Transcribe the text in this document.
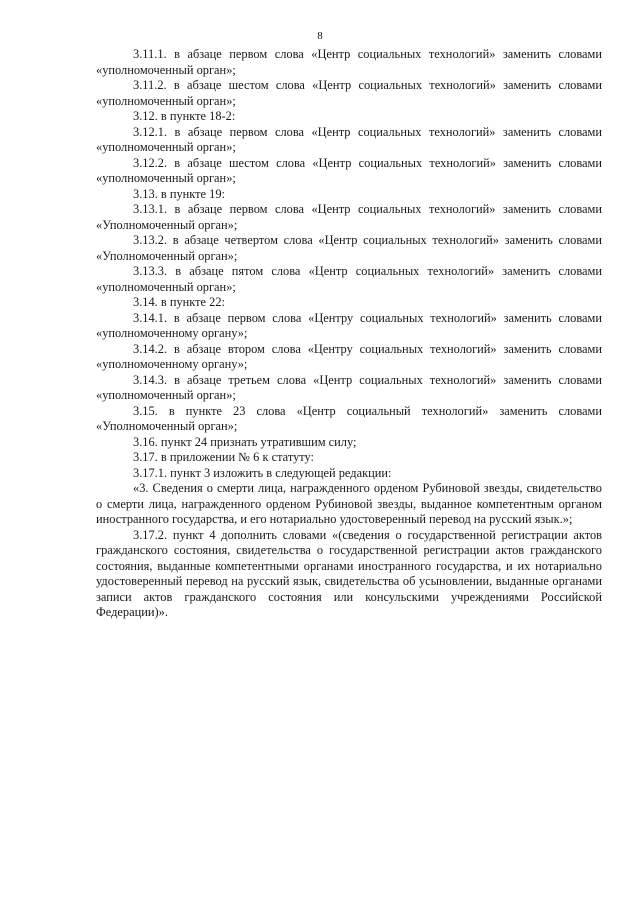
8

3.11.1. в абзаце первом слова «Центр социальных технологий» заменить словами «уполномоченный орган»;

3.11.2. в абзаце шестом слова «Центр социальных технологий» заменить словами «уполномоченный орган»;

3.12. в пункте 18-2:

3.12.1. в абзаце первом слова «Центр социальных технологий» заменить словами «уполномоченный орган»;

3.12.2. в абзаце шестом слова «Центр социальных технологий» заменить словами «уполномоченный орган»;

3.13. в пункте 19:

3.13.1. в абзаце первом слова «Центр социальных технологий» заменить словами «Уполномоченный орган»;

3.13.2. в абзаце четвертом слова «Центр социальных технологий» заменить словами «Уполномоченный орган»;

3.13.3. в абзаце пятом слова «Центр социальных технологий» заменить словами «уполномоченный орган»;

3.14. в пункте 22:

3.14.1. в абзаце первом слова «Центру социальных технологий» заменить словами «уполномоченному органу»;

3.14.2. в абзаце втором слова «Центру социальных технологий» заменить словами «уполномоченному органу»;

3.14.3. в абзаце третьем слова «Центр социальных технологий» заменить словами «уполномоченный орган»;

3.15. в пункте 23 слова «Центр социальный технологий» заменить словами «Уполномоченный орган»;

3.16. пункт 24 признать утратившим силу;

3.17. в приложении № 6 к статуту:

3.17.1. пункт 3 изложить в следующей редакции:

«3. Сведения о смерти лица, награжденного орденом Рубиновой звезды, свидетельство о смерти лица, награжденного орденом Рубиновой звезды, выданное компетентным органом иностранного государства, и его нотариально удостоверенный перевод на русский язык.»;

3.17.2. пункт 4 дополнить словами «(сведения о государственной регистрации актов гражданского состояния, свидетельства о государственной регистрации актов гражданского состояния, выданные компетентными органами иностранного государства, и их нотариально удостоверенный перевод на русский язык, свидетельства об усыновлении, выданные органами записи актов гражданского состояния или консульскими учреждениями Российской Федерации)».
